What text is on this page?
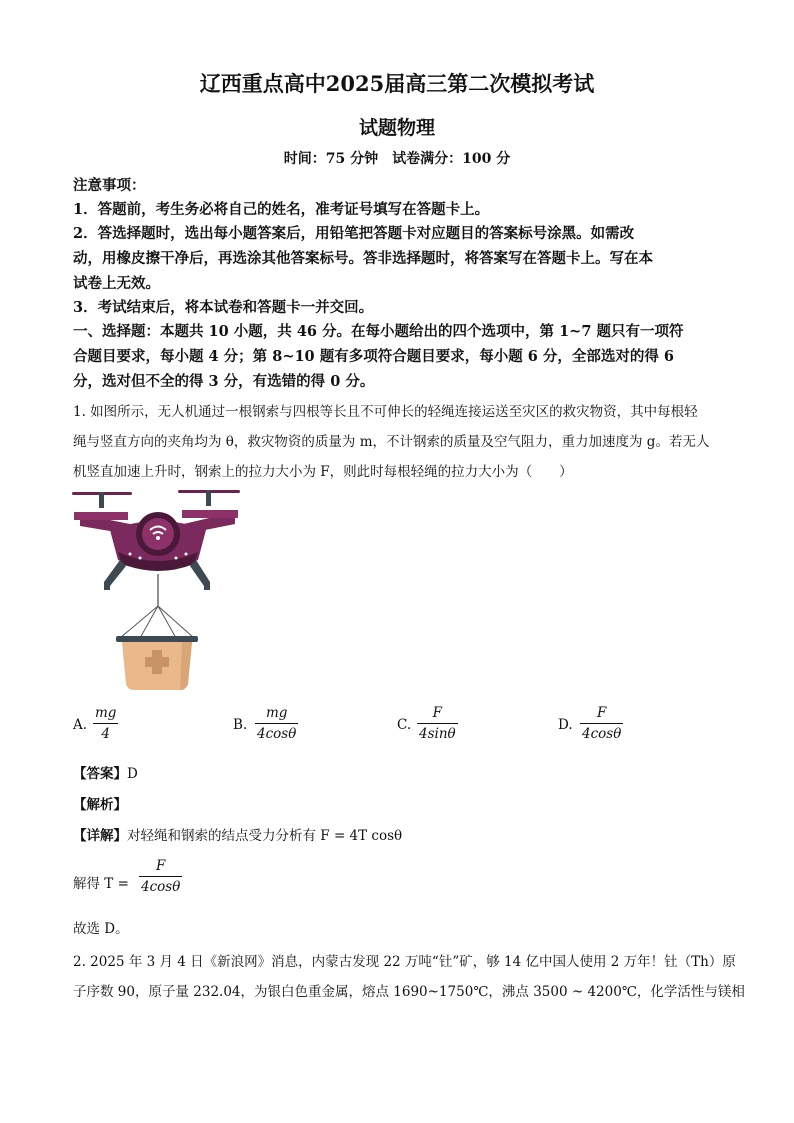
辽西重点高中2025届高三第二次模拟考试
试题物理
时间：75 分钟　试卷满分：100 分
注意事项：
1．答题前，考生务必将自己的姓名，准考证号填写在答题卡上。
2．答选择题时，选出每小题答案后，用铅笔把答题卡对应题目的答案标号涂黑。如需改
动，用橡皮擦干净后，再选涂其他答案标号。答非选择题时，将答案写在答题卡上。写在本
试卷上无效。
3．考试结束后，将本试卷和答题卡一并交回。
一、选择题：本题共 10 小题，共 46 分。在每小题给出的四个选项中，第 1~7 题只有一项符
合题目要求，每小题 4 分；第 8~10 题有多项符合题目要求，每小题 6 分，全部选对的得 6
分，选对但不全的得 3 分，有选错的得 0 分。
1. 如图所示，无人机通过一根钢索与四根等长且不可伸长的轻绳连接运送至灾区的救灾物资，其中每根轻
绳与竖直方向的夹角均为 θ，救灾物资的质量为 m，不计钢索的质量及空气阻力，重力加速度为 g。若无人
机竖直加速上升时，钢索上的拉力大小为 F，则此时每根轻绳的拉力大小为（　　）
A.
mg
4
B.
mg
4cosθ
C.
F
4sinθ
D.
F
4cosθ
【答案】D
【解析】
【详解】对轻绳和钢索的结点受力分析有 F = 4T cosθ
解得 T =
F
4cosθ
故选 D。
2. 2025 年 3 月 4 日《新浪网》消息，内蒙古发现 22 万吨“钍”矿，够 14 亿中国人使用 2 万年！钍（Th）原
子序数 90，原子量 232.04，为银白色重金属，熔点 1690~1750℃，沸点 3500 ~ 4200℃，化学活性与镁相
